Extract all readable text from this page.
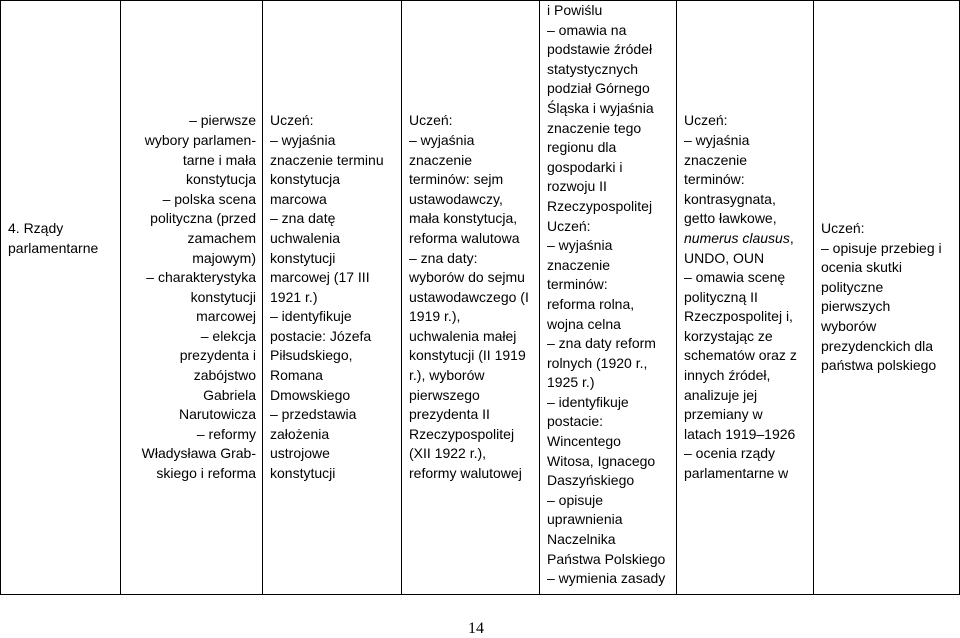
4. Rządy
parlamentarne

– pierwsze
wybory parlamen-
tarne i mała
konstytucja
– polska scena
polityczna (przed
zamachem
majowym)
– charakterystyka
konstytucji
marcowej
– elekcja
prezydenta i
zabójstwo
Gabriela
Narutowicza
– reformy
Władysława Grab-
skiego i reforma

Uczeń:
– wyjaśnia
znaczenie terminu
konstytucja
marcowa
– zna datę
uchwalenia
konstytucji
marcowej (17 III
1921 r.)
– identyfikuje
postacie: Józefa
Piłsudskiego,
Romana
Dmowskiego
– przedstawia
założenia
ustrojowe
konstytucji

Uczeń:
– wyjaśnia
znaczenie
terminów: sejm
ustawodawczy,
mała konstytucja,
reforma walutowa
– zna daty:
wyborów do sejmu
ustawodawczego (I
1919 r.),
uchwalenia małej
konstytucji (II 1919
r.), wyborów
pierwszego
prezydenta II
Rzeczypospolitej
(XII 1922 r.),
reformy walutowej

i Powiślu
– omawia na
podstawie źródeł
statystycznych
podział Górnego
Śląska i wyjaśnia
znaczenie tego
regionu dla
gospodarki i
rozwoju II
Rzeczypospolitej
Uczeń:
– wyjaśnia
znaczenie
terminów:
reforma rolna,
wojna celna
– zna daty reform
rolnych (1920 r.,
1925 r.)
– identyfikuje
postacie:
Wincentego
Witosa, Ignacego
Daszyńskiego
– opisuje
uprawnienia
Naczelnika
Państwa Polskiego
– wymienia zasady

Uczeń:
– wyjaśnia
znaczenie
terminów:
kontrasygnata,
getto ławkowe,
numerus clausus,
UNDO, OUN
– omawia scenę
polityczną II
Rzeczpospolitej i,
korzystając ze
schematów oraz z
innych źródeł,
analizuje jej
przemiany w
latach 1919–1926
– ocenia rządy
parlamentarne w

Uczeń:
– opisuje przebieg i
ocenia skutki
polityczne
pierwszych
wyborów
prezydenckich dla
państwa polskiego
14
